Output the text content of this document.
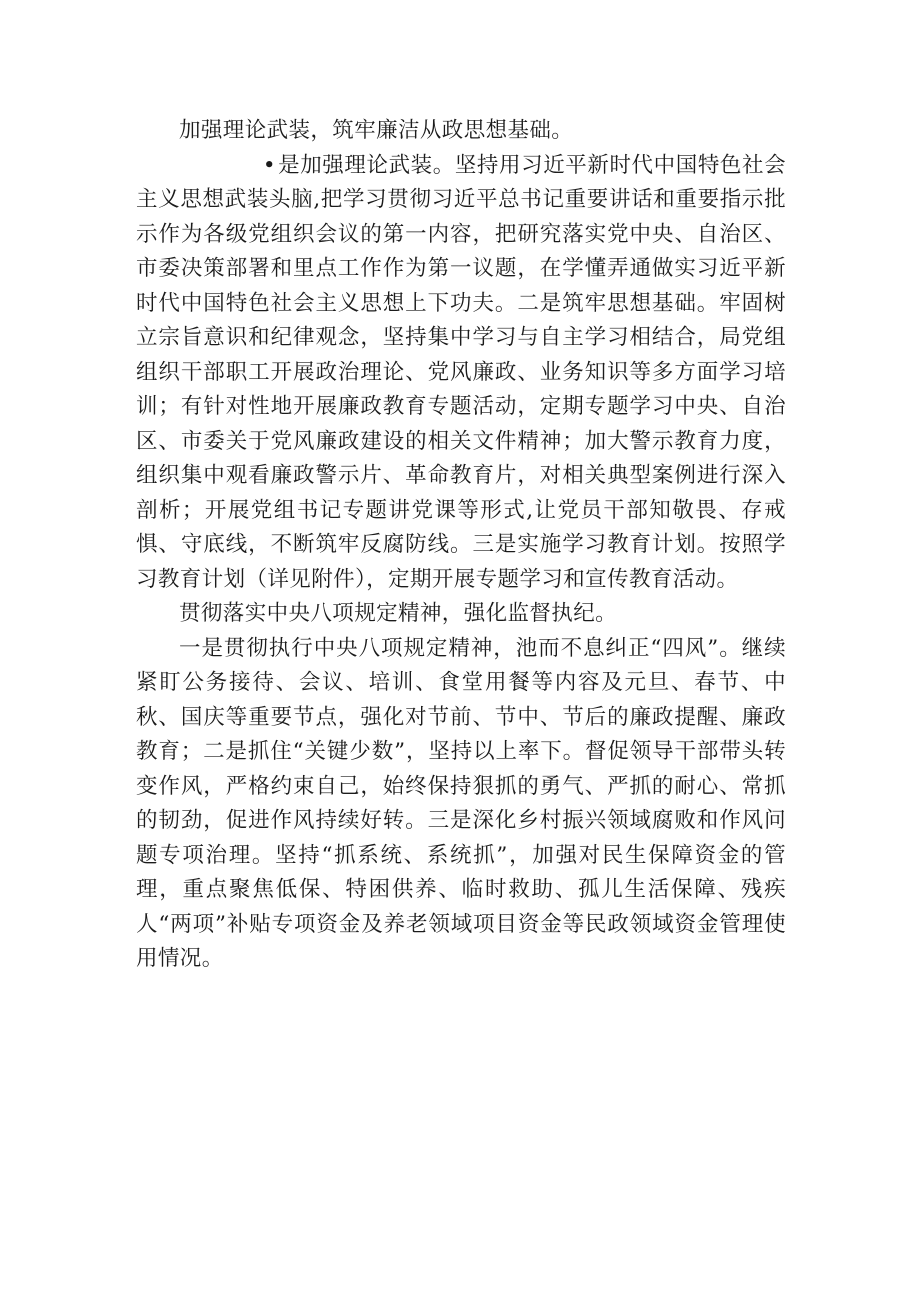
加强理论武装，筑牢廉洁从政思想基础。

•是加强理论武装。坚持用习近平新时代中国特色社会主义思想武装头脑,把学习贯彻习近平总书记重要讲话和重要指示批示作为各级党组织会议的第一内容，把研究落实党中央、自治区、市委决策部署和里点工作作为第一议题，在学懂弄通做实习近平新时代中国特色社会主义思想上下功夫。二是筑牢思想基础。牢固树立宗旨意识和纪律观念，坚持集中学习与自主学习相结合，局党组组织干部职工开展政治理论、党风廉政、业务知识等多方面学习培训；有针对性地开展廉政教育专题活动，定期专题学习中央、自治区、市委关于党风廉政建设的相关文件精神；加大警示教育力度，组织集中观看廉政警示片、革命教育片，对相关典型案例进行深入剖析；开展党组书记专题讲党课等形式,让党员干部知敬畏、存戒惧、守底线，不断筑牢反腐防线。三是实施学习教育计划。按照学习教育计划（详见附件），定期开展专题学习和宣传教育活动。

贯彻落实中央八项规定精神，强化监督执纪。

一是贯彻执行中央八项规定精神，池而不息纠正“四风”。继续紧盯公务接待、会议、培训、食堂用餐等内容及元旦、春节、中秋、国庆等重要节点，强化对节前、节中、节后的廉政提醒、廉政教育；二是抓住“关键少数”，坚持以上率下。督促领导干部带头转变作风，严格约束自己，始终保持狠抓的勇气、严抓的耐心、常抓的韧劲，促进作风持续好转。三是深化乡村振兴领域腐败和作风问题专项治理。坚持“抓系统、系统抓”，加强对民生保障资金的管理，重点聚焦低保、特困供养、临时救助、孤儿生活保障、残疾人“两项”补贴专项资金及养老领域项目资金等民政领域资金管理使用情况。
